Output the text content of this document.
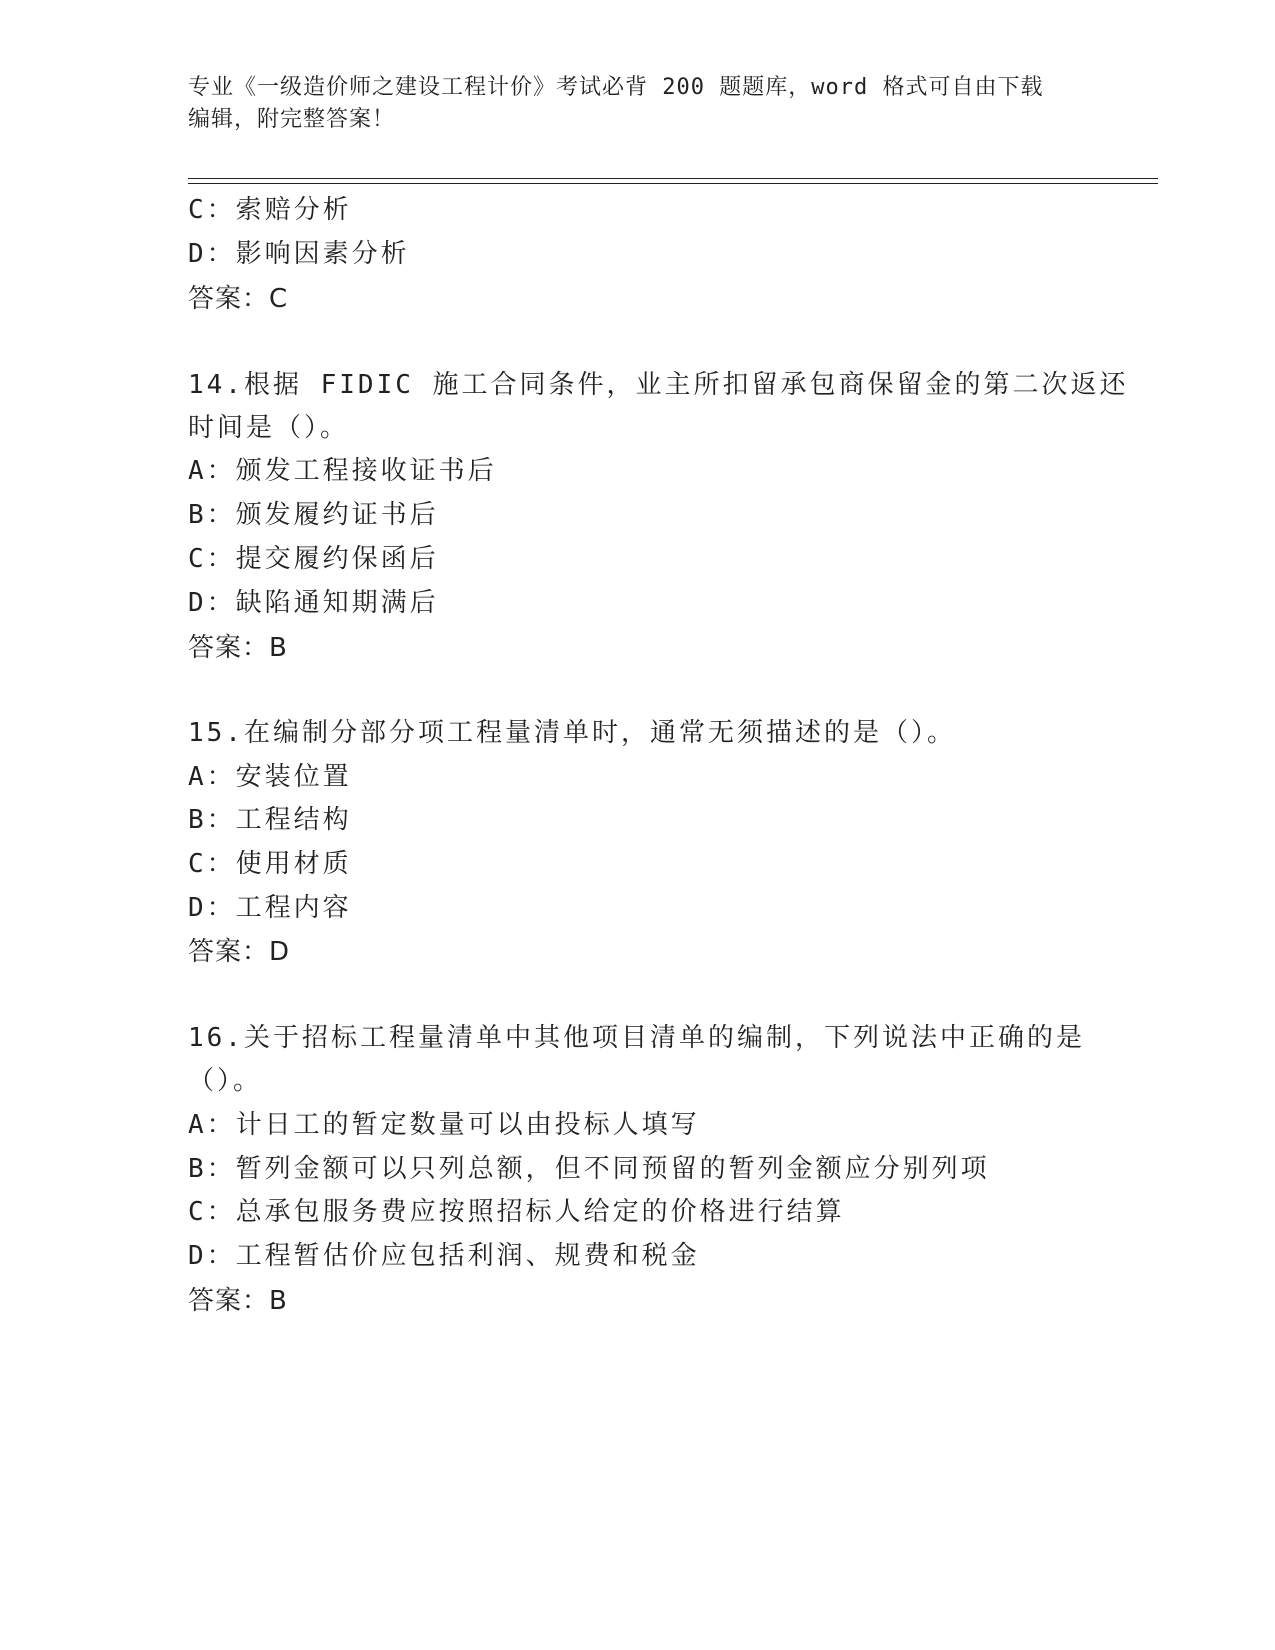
专业《一级造价师之建设工程计价》考试必背 200 题题库，word 格式可自由下载
编辑，附完整答案！
C：索赔分析
D：影响因素分析
答案：C
14.根据 FIDIC 施工合同条件，业主所扣留承包商保留金的第二次返还
时间是（）。
A：颁发工程接收证书后
B：颁发履约证书后
C：提交履约保函后
D：缺陷通知期满后
答案：B
15.在编制分部分项工程量清单时，通常无须描述的是（）。
A：安装位置
B：工程结构
C：使用材质
D：工程内容
答案：D
16.关于招标工程量清单中其他项目清单的编制，下列说法中正确的是
（）。
A：计日工的暂定数量可以由投标人填写
B：暂列金额可以只列总额，但不同预留的暂列金额应分别列项
C：总承包服务费应按照招标人给定的价格进行结算
D：工程暂估价应包括利润、规费和税金
答案：B
